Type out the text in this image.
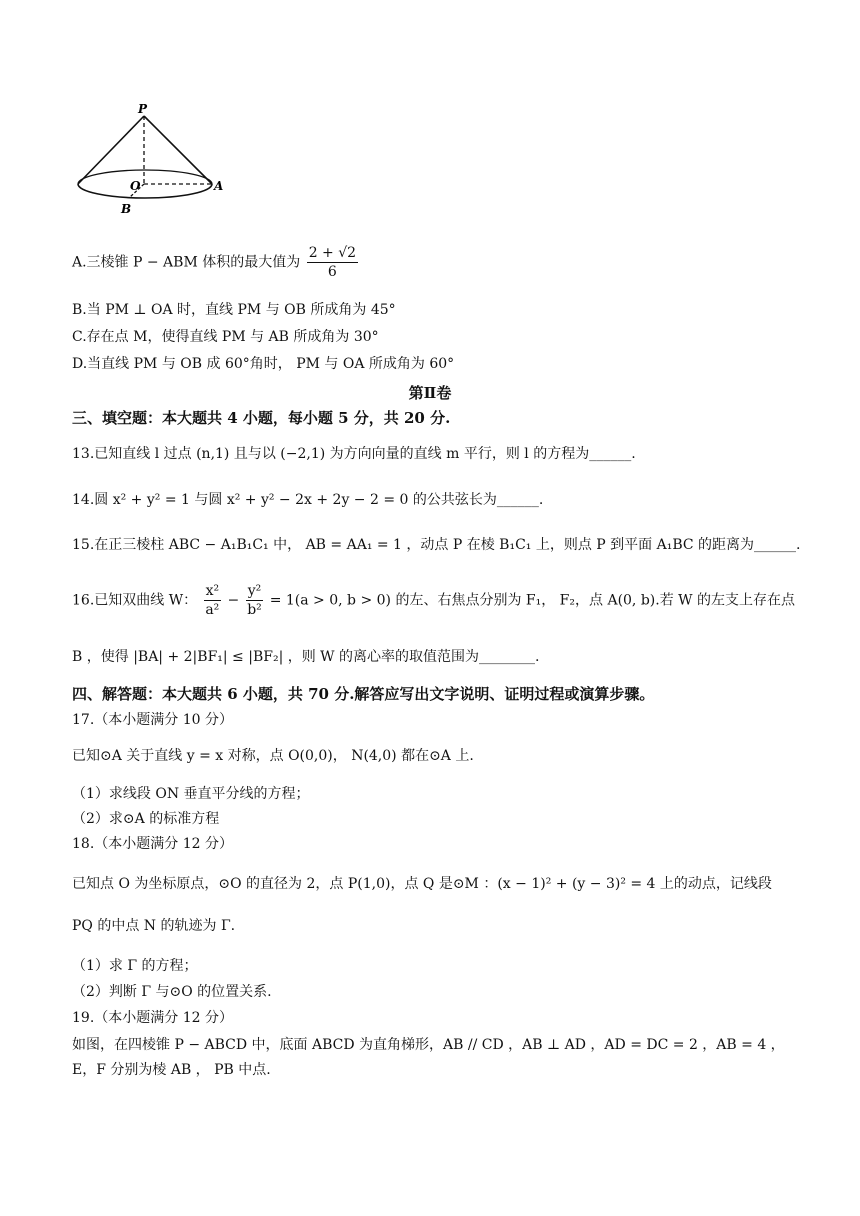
P
O	A
B
A.三棱锥 P − ABM 体积的最大值为 $\frac{2 + √2}{6}$
B.当 PM ⊥ OA 时，直线 PM 与 OB 所成角为 45°
C.存在点 M，使得直线 PM 与 AB 所成角为 30°
D.当直线 PM 与 OB 成 60°角时， PM 与 OA 所成角为 60°
第Ⅱ卷
三、填空题：本大题共 4 小题，每小题 5 分，共 20 分.
13.已知直线 l 过点 (n,1) 且与以 (−2,1) 为方向向量的直线 m 平行，则 l 的方程为______.
14.圆 x² + y² = 1 与圆 x² + y² − 2x + 2y − 2 = 0 的公共弦长为______.
15.在正三棱柱 ABC − A₁B₁C₁ 中， AB = AA₁ = 1 ，动点 P 在棱 B₁C₁ 上，则点 P 到平面 A₁BC 的距离为______.
16.已知双曲线 W： $\frac{\text{x²}}{\text{a²}} - \frac{\text{y²}}{\text{b²}} = 1(a > 0$, b > 0) 的左、右焦点分别为 F₁， F₂，点 A(0, b).若 W 的左支上存在点
B ，使得 |BA| + 2|BF₁| ≤ |BF₂| ，则 W 的离心率的取值范围为________.
四、解答题：本大题共 6 小题，共 70 分.解答应写出文字说明、证明过程或演算步骤。
17.（本小题满分 10 分）
已知⊙A 关于直线 y = x 对称，点 O(0,0)， N(4,0) 都在⊙A 上.
（1）求线段 ON 垂直平分线的方程；
（2）求⊙A 的标准方程
18.（本小题满分 12 分）
已知点 O 为坐标原点，⊙O 的直径为 2，点 P(1,0)，点 Q 是⊙M ：(x − 1)² + (y − 3)² = 4 上的动点，记线段
PQ 的中点 N 的轨迹为 Γ.
（1）求 Γ 的方程；
（2）判断 Γ 与⊙O 的位置关系.
19.（本小题满分 12 分）
如图，在四棱锥 P − ABCD 中，底面 ABCD 为直角梯形，AB // CD ，AB ⊥ AD ，AD = DC = 2 ，AB = 4 ，
E，F 分别为棱 AB ， PB 中点.
